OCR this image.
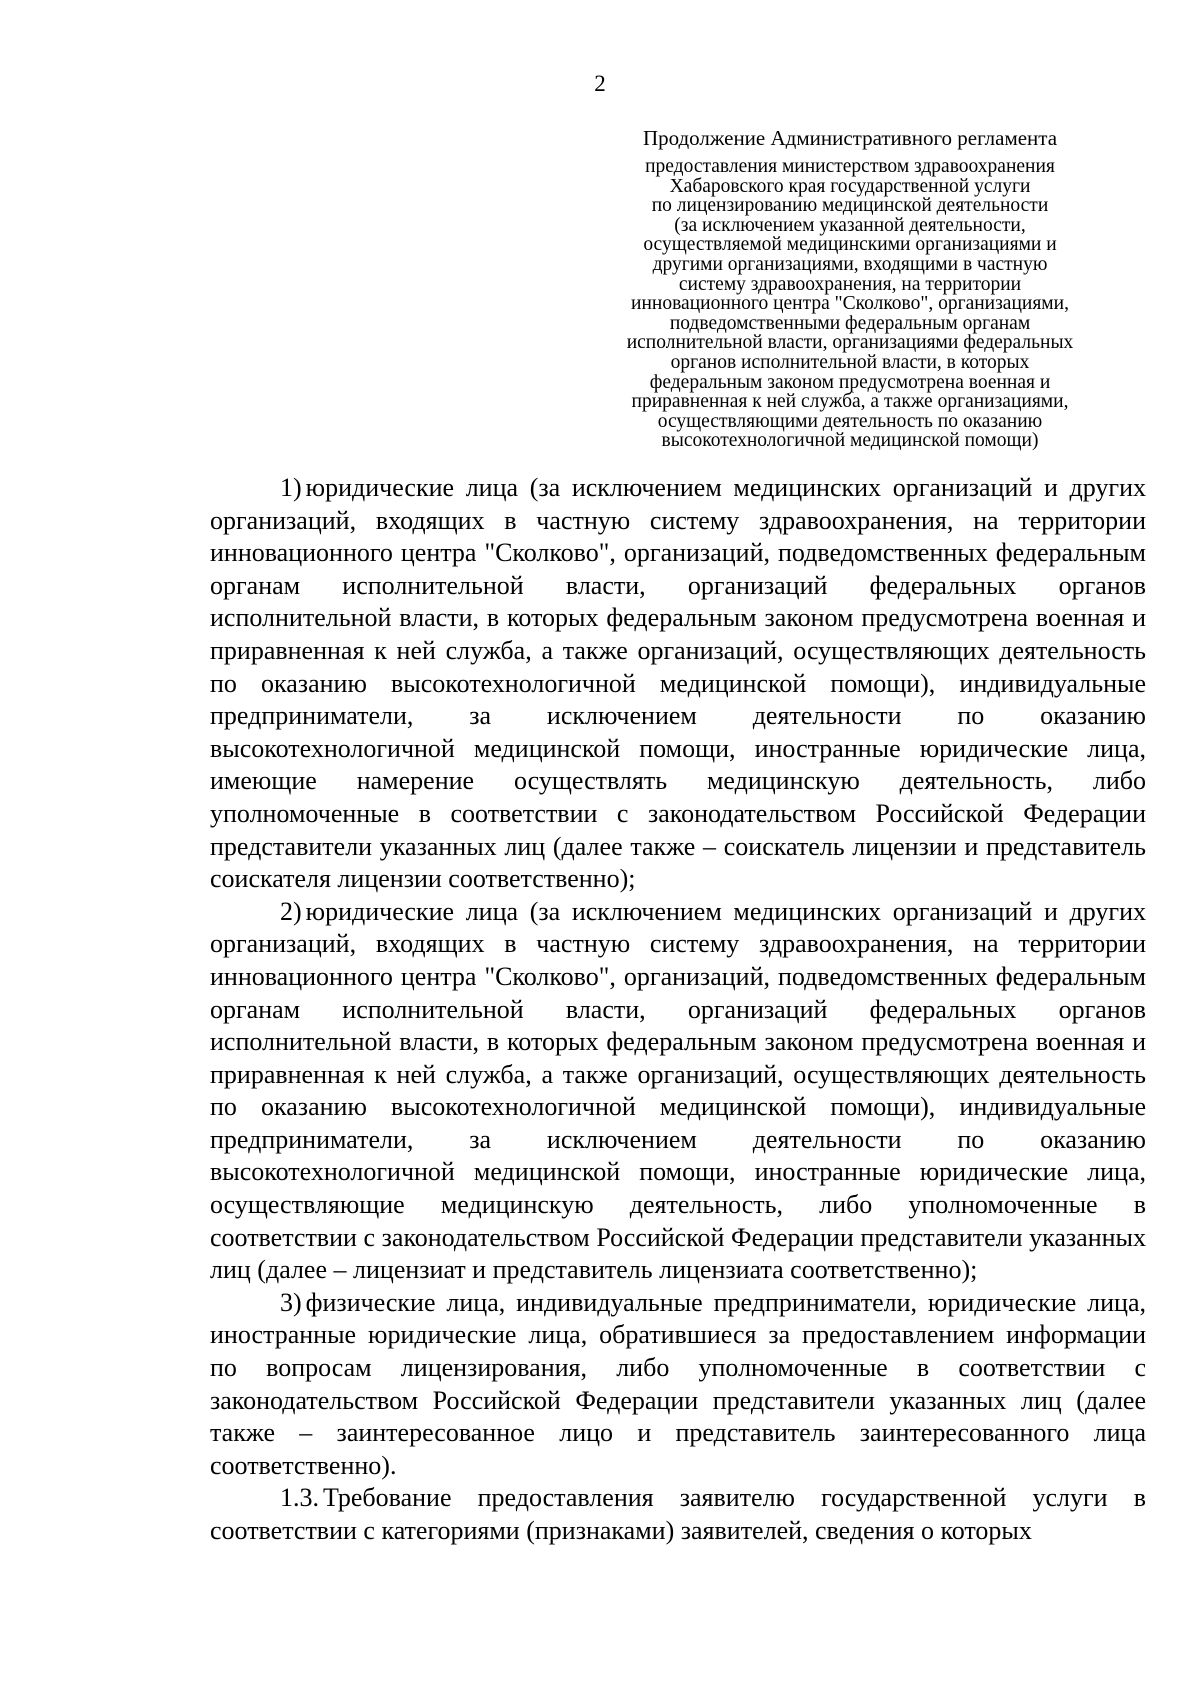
2
Продолжение Административного регламента
предоставления министерством здравоохранения
Хабаровского края государственной услуги
по лицензированию медицинской деятельности
(за исключением указанной деятельности,
осуществляемой медицинскими организациями и
другими организациями, входящими в частную
систему здравоохранения, на территории
инновационного центра "Сколково", организациями,
подведомственными федеральным органам
исполнительной власти, организациями федеральных
органов исполнительной власти, в которых
федеральным законом предусмотрена военная и
приравненная к ней служба, а также организациями,
осуществляющими деятельность по оказанию
высокотехнологичной медицинской помощи)

1) юридические лица (за исключением медицинских организаций и других организаций, входящих в частную систему здравоохранения, на территории инновационного центра "Сколково", организаций, подведомственных федеральным органам исполнительной власти, организаций федеральных органов исполнительной власти, в которых федеральным законом предусмотрена военная и приравненная к ней служба, а также организаций, осуществляющих деятельность по оказанию высокотехнологичной медицинской помощи), индивидуальные предприниматели, за исключением деятельности по оказанию высокотехнологичной медицинской помощи, иностранные юридические лица, имеющие намерение осуществлять медицинскую деятельность, либо уполномоченные в соответствии с законодательством Российской Федерации представители указанных лиц (далее также – соискатель лицензии и представитель соискателя лицензии соответственно);

2) юридические лица (за исключением медицинских организаций и других организаций, входящих в частную систему здравоохранения, на территории инновационного центра "Сколково", организаций, подведомственных федеральным органам исполнительной власти, организаций федеральных органов исполнительной власти, в которых федеральным законом предусмотрена военная и приравненная к ней служба, а также организаций, осуществляющих деятельность по оказанию высокотехнологичной медицинской помощи), индивидуальные предприниматели, за исключением деятельности по оказанию высокотехнологичной медицинской помощи, иностранные юридические лица, осуществляющие медицинскую деятельность, либо уполномоченные в соответствии с законодательством Российской Федерации представители указанных лиц (далее – лицензиат и представитель лицензиата соответственно);

3) физические лица, индивидуальные предприниматели, юридические лица, иностранные юридические лица, обратившиеся за предоставлением информации по вопросам лицензирования, либо уполномоченные в соответствии с законодательством Российской Федерации представители указанных лиц (далее также – заинтересованное лицо и представитель заинтересованного лица соответственно).

1.3. Требование предоставления заявителю государственной услуги в соответствии с категориями (признаками) заявителей, сведения о которых
